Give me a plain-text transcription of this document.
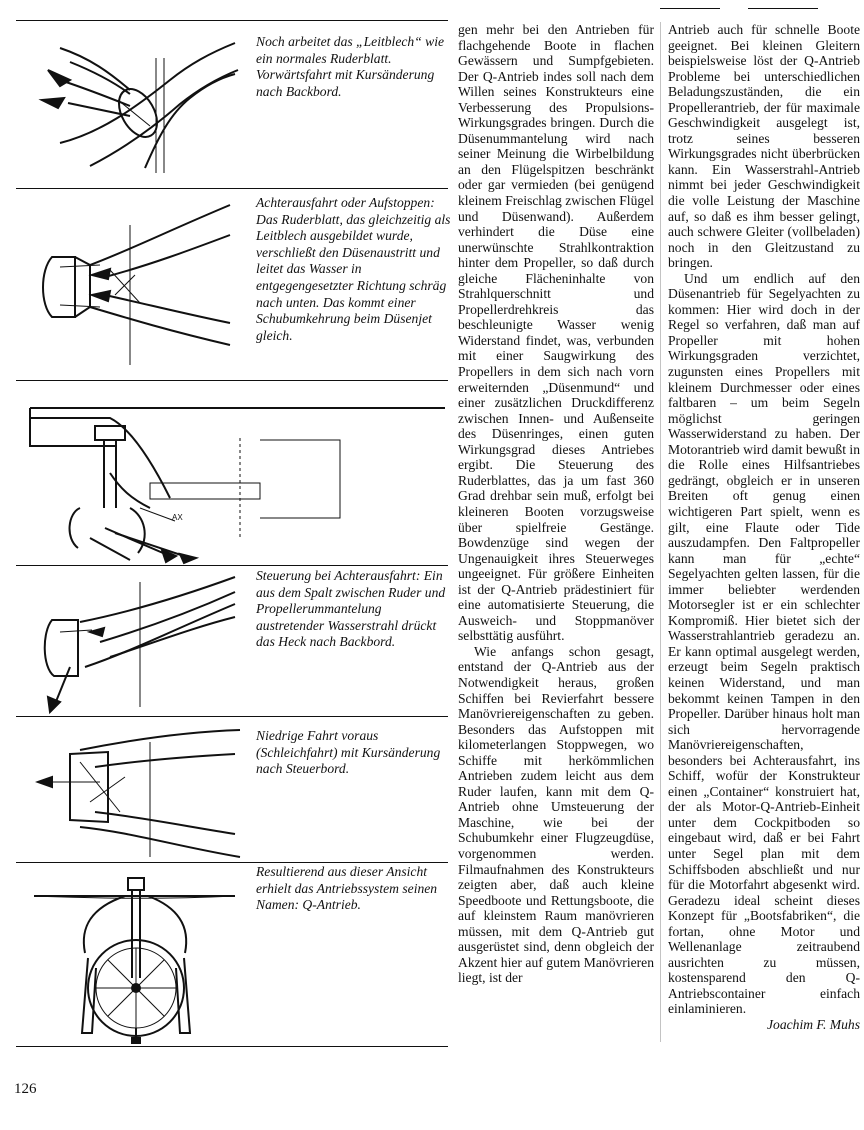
AX

Noch arbeitet das „Leitblech“ wie ein normales Ruderblatt. Vorwärtsfahrt mit Kursänderung nach Backbord.

Achterausfahrt oder Aufstoppen: Das Ruderblatt, das gleichzeitig als Leitblech ausgebildet wurde, verschließt den Düsenaustritt und leitet das Wasser in entgegengesetzter Richtung schräg nach unten. Das kommt einer Schubumkehrung beim Düsenjet gleich.

Steuerung bei Achterausfahrt: Ein aus dem Spalt zwischen Ruder und Propellerummantelung austretender Wasserstrahl drückt das Heck nach Backbord.

Niedrige Fahrt voraus (Schleichfahrt) mit Kursänderung nach Steuerbord.

Resultierend aus dieser Ansicht erhielt das Antriebssystem seinen Namen: Q-Antrieb.

gen mehr bei den Antrieben für flachgehende Boote in flachen Gewässern und Sumpfgebieten. Der Q-Antrieb indes soll nach dem Willen seines Konstrukteurs eine Verbesserung des Propulsions-Wirkungsgrades bringen. Durch die Düsenummantelung wird nach seiner Meinung die Wirbelbildung an den Flügelspitzen beschränkt oder gar vermieden (bei genügend kleinem Freischlag zwischen Flügel und Düsenwand). Außerdem verhindert die Düse eine unerwünschte Strahlkontraktion hinter dem Propeller, so daß durch gleiche Flächeninhalte von Strahlquerschnitt und Propellerdrehkreis das beschleunigte Wasser wenig Widerstand findet, was, verbunden mit einer Saugwirkung des Propellers in dem sich nach vorn erweiternden „Düsenmund“ und einer zusätzlichen Druckdifferenz zwischen Innen- und Außenseite des Düsenringes, einen guten Wirkungsgrad dieses Antriebes ergibt. Die Steuerung des Ruderblattes, das ja um fast 360 Grad drehbar sein muß, erfolgt bei kleineren Booten vorzugsweise über spielfreie Gestänge. Bowdenzüge sind wegen der Ungenauigkeit ihres Steuerweges ungeeignet. Für größere Einheiten ist der Q-Antrieb prädestiniert für eine automatisierte Steuerung, die Ausweich- und Stoppmanöver selbsttätig ausführt.

Wie anfangs schon gesagt, entstand der Q-Antrieb aus der Notwendigkeit heraus, großen Schiffen bei Revierfahrt bessere Manövriereigenschaften zu geben. Besonders das Aufstoppen mit kilometerlangen Stoppwegen, wo Schiffe mit herkömmlichen Antrieben zudem leicht aus dem Ruder laufen, kann mit dem Q-Antrieb ohne Umsteuerung der Maschine, wie bei der Schubumkehr einer Flugzeugdüse, vorgenommen werden. Filmaufnahmen des Konstrukteurs zeigten aber, daß auch kleine Speedboote und Rettungsboote, die auf kleinstem Raum manövrieren müssen, mit dem Q-Antrieb gut ausgerüstet sind, denn obgleich der Akzent hier auf gutem Manövrieren liegt, ist der

Antrieb auch für schnelle Boote geeignet. Bei kleinen Gleitern beispielsweise löst der Q-Antrieb Probleme bei unterschiedlichen Beladungszuständen, die ein Propellerantrieb, der für maximale Geschwindigkeit ausgelegt ist, trotz seines besseren Wirkungsgrades nicht überbrücken kann. Ein Wasserstrahl-Antrieb nimmt bei jeder Geschwindigkeit die volle Leistung der Maschine auf, so daß es ihm besser gelingt, auch schwere Gleiter (vollbeladen) noch in den Gleitzustand zu bringen.

Und um endlich auf den Düsenantrieb für Segelyachten zu kommen: Hier wird doch in der Regel so verfahren, daß man auf Propeller mit hohen Wirkungsgraden verzichtet, zugunsten eines Propellers mit kleinem Durchmesser oder eines faltbaren – um beim Segeln möglichst geringen Wasserwiderstand zu haben. Der Motorantrieb wird damit bewußt in die Rolle eines Hilfsantriebes gedrängt, obgleich er in unseren Breiten oft genug einen wichtigeren Part spielt, wenn es gilt, eine Flaute oder Tide auszudampfen. Den Faltpropeller kann man für „echte“ Segelyachten gelten lassen, für die immer beliebter werdenden Motorsegler ist er ein schlechter Kompromiß. Hier bietet sich der Wasserstrahlantrieb geradezu an. Er kann optimal ausgelegt werden, erzeugt beim Segeln praktisch keinen Widerstand, und man bekommt keinen Tampen in den Propeller. Darüber hinaus holt man sich hervorragende Manövriereigenschaften, besonders bei Achterausfahrt, ins Schiff, wofür der Konstrukteur einen „Container“ konstruiert hat, der als Motor-Q-Antrieb-Einheit unter dem Cockpitboden so eingebaut wird, daß er bei Fahrt unter Segel plan mit dem Schiffsboden abschließt und nur für die Motorfahrt abgesenkt wird. Geradezu ideal scheint dieses Konzept für „Bootsfabriken“, die fortan, ohne Motor und Wellenanlage zeitraubend ausrichten zu müssen, kostensparend den Q-Antriebscontainer einfach einlaminieren.

Joachim F. Muhs

126
